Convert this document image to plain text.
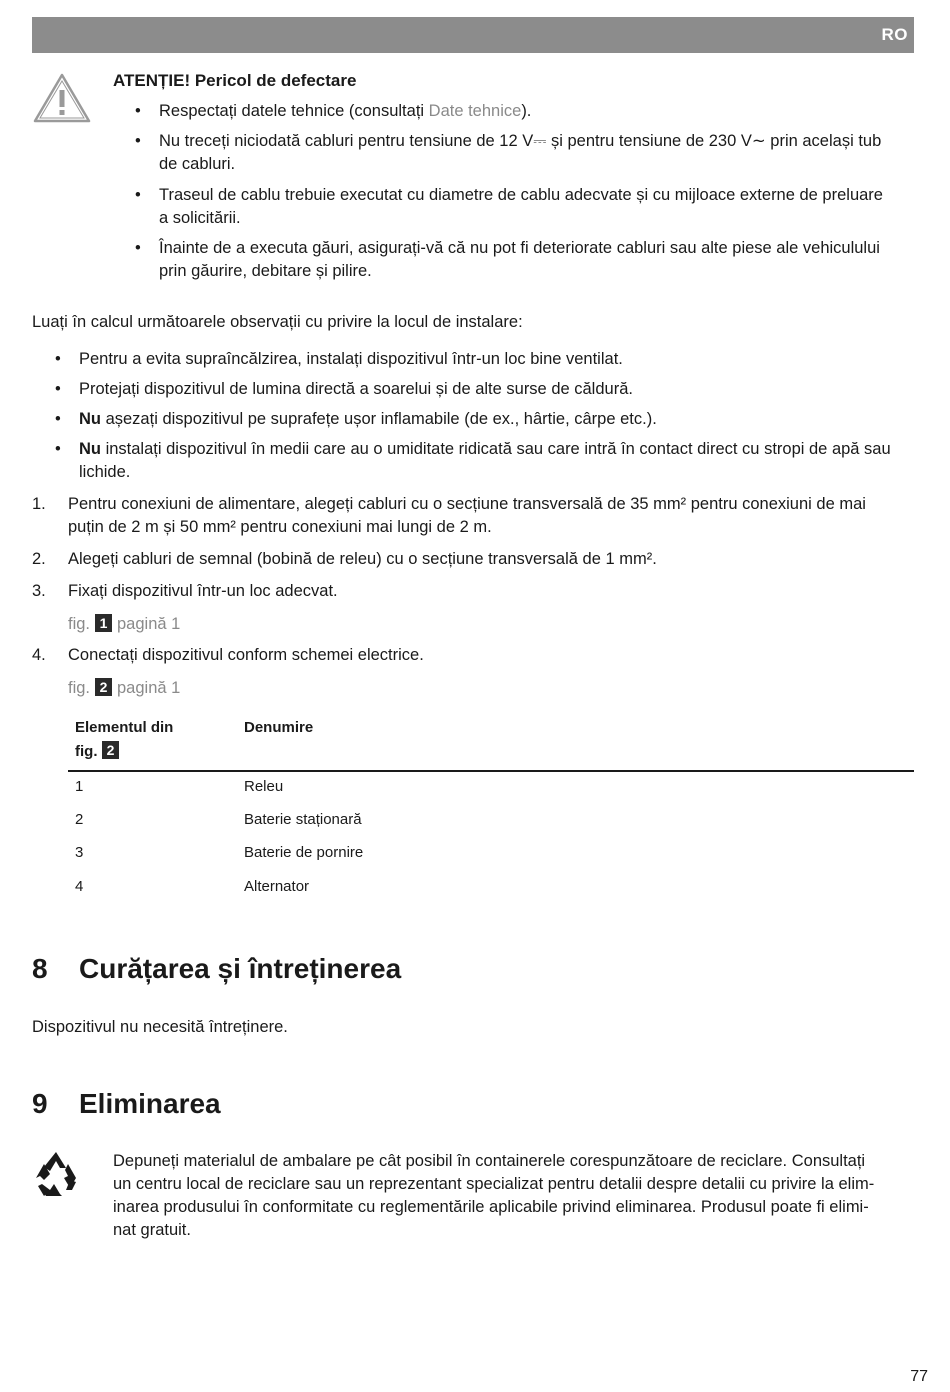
RO
ATENȚIE! Pericol de defectare
• Respectați datele tehnice (consultați Date tehnice).
• Nu treceți niciodată cabluri pentru tensiune de 12 V⎓ și pentru tensiune de 230 V∼ prin același tub
de cabluri.
• Traseul de cablu trebuie executat cu diametre de cablu adecvate și cu mijloace externe de preluare
a solicitării.
• Înainte de a executa găuri, asigurați-vă că nu pot fi deteriorate cabluri sau alte piese ale vehiculului
prin găurire, debitare și pilire.
Luați în calcul următoarele observații cu privire la locul de instalare:
• Pentru a evita supraîncălzirea, instalați dispozitivul într-un loc bine ventilat.
• Protejați dispozitivul de lumina directă a soarelui și de alte surse de căldură.
• Nu așezați dispozitivul pe suprafețe ușor inflamabile (de ex., hârtie, cârpe etc.).
• Nu instalați dispozitivul în medii care au o umiditate ridicată sau care intră în contact direct cu stropi de apă sau
lichide.
1. Pentru conexiuni de alimentare, alegeți cabluri cu o secțiune transversală de 35 mm² pentru conexiuni de mai
puțin de 2 m și 50 mm² pentru conexiuni mai lungi de 2 m.
2. Alegeți cabluri de semnal (bobină de releu) cu o secțiune transversală de 1 mm².
3. Fixați dispozitivul într-un loc adecvat.
fig. 1 pagină 1
4. Conectați dispozitivul conform schemei electrice.
fig. 2 pagină 1
Elementul din
fig. 2
Denumire
1	Releu
2	Baterie staționară
3	Baterie de pornire
4	Alternator
8 Curățarea și întreținerea
Dispozitivul nu necesită întreținere.
9 Eliminarea
Depuneți materialul de ambalare pe cât posibil în containerele corespunzătoare de reciclare. Consultați
un centru local de reciclare sau un reprezentant specializat pentru detalii despre detalii cu privire la elim-
inarea produsului în conformitate cu reglementările aplicabile privind eliminarea. Produsul poate fi elimi-
nat gratuit.
77
